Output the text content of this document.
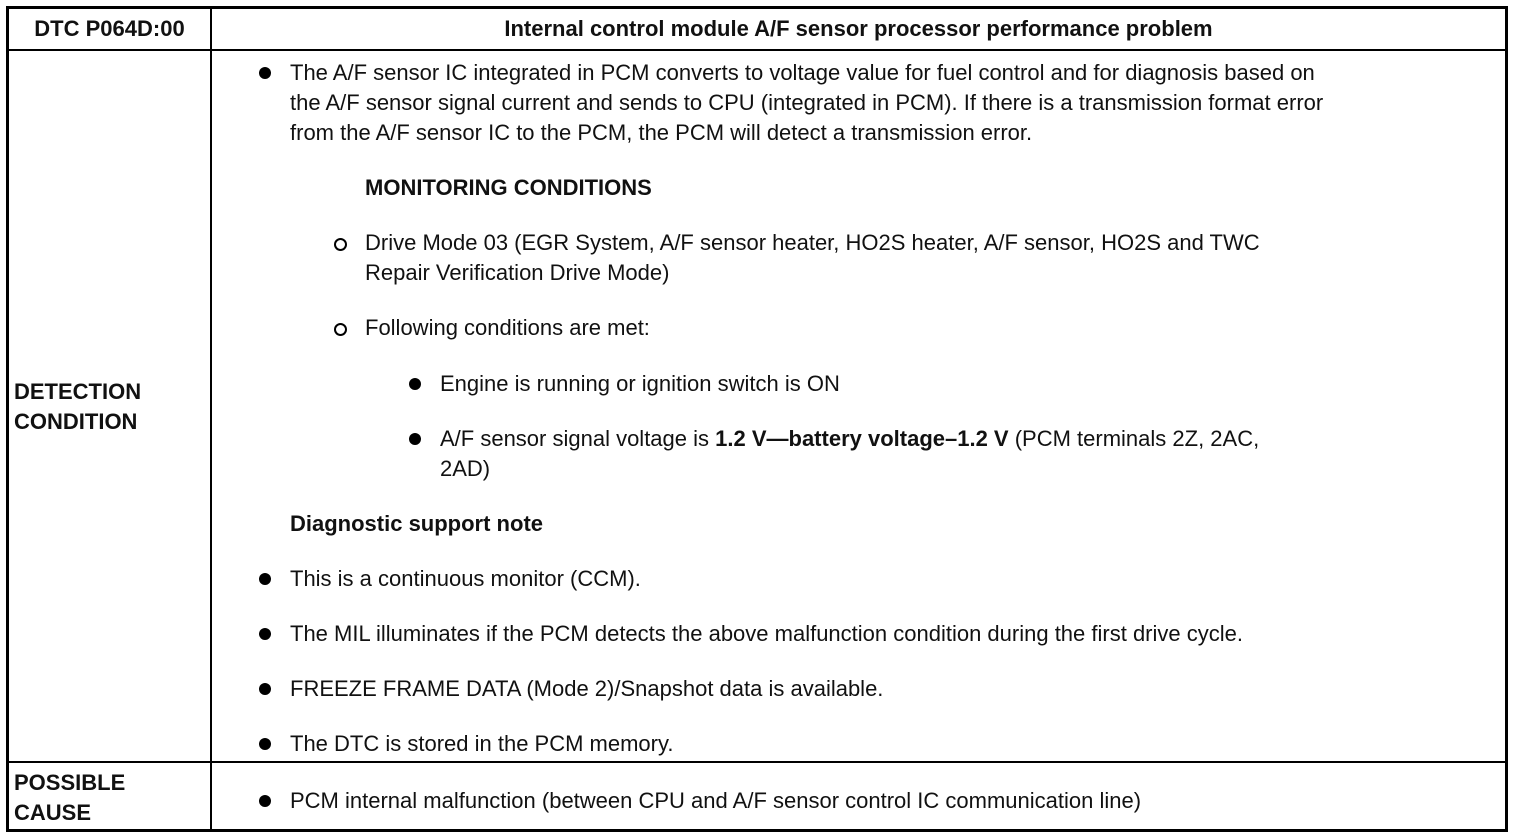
DTC P064D:00	Internal control module A/F sensor processor performance problem
DETECTION
CONDITION
The A/F sensor IC integrated in PCM converts to voltage value for fuel control and for diagnosis based on
the A/F sensor signal current and sends to CPU (integrated in PCM). If there is a transmission format error
from the A/F sensor IC to the PCM, the PCM will detect a transmission error.
MONITORING CONDITIONS
Drive Mode 03 (EGR System, A/F sensor heater, HO2S heater, A/F sensor, HO2S and TWC
Repair Verification Drive Mode)
Following conditions are met:
Engine is running or ignition switch is ON
A/F sensor signal voltage is 1.2 V—battery voltage–1.2 V (PCM terminals 2Z, 2AC,
2AD)
Diagnostic support note
This is a continuous monitor (CCM).
The MIL illuminates if the PCM detects the above malfunction condition during the first drive cycle.
FREEZE FRAME DATA (Mode 2)/Snapshot data is available.
The DTC is stored in the PCM memory.
POSSIBLE
CAUSE	PCM internal malfunction (between CPU and A/F sensor control IC communication line)
